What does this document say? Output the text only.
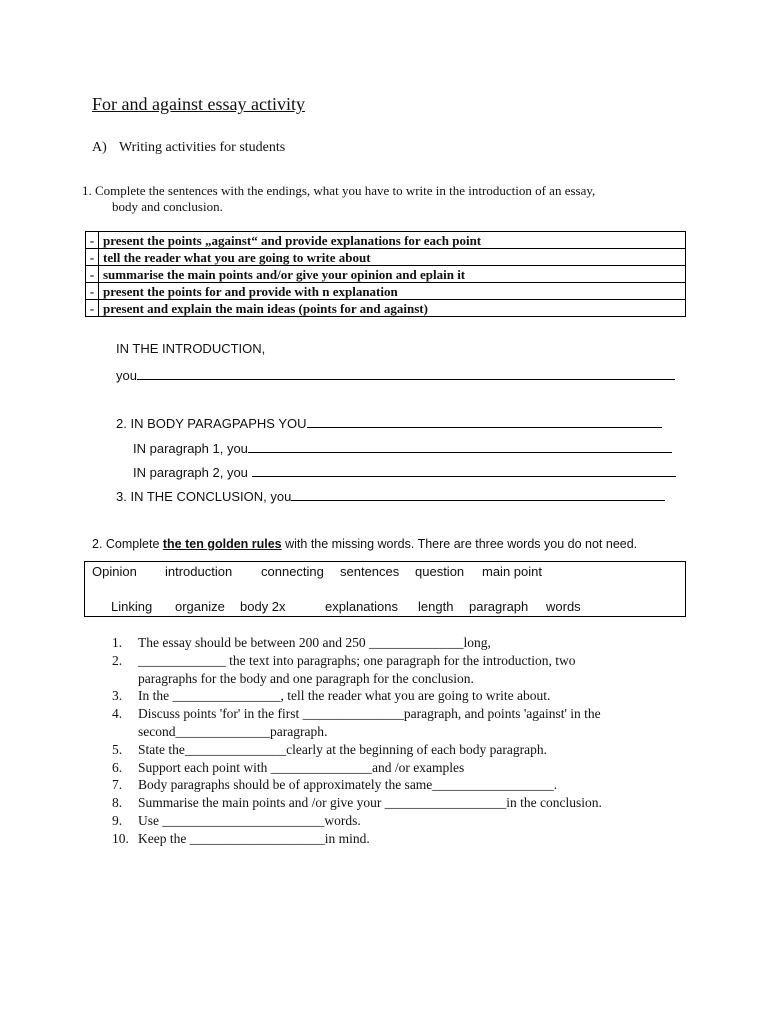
For and against essay activity
A) Writing activities for students
1. Complete the sentences with the endings, what you have to write in the introduction of an essay,
body and conclusion.
-	present the points „against“ and provide explanations for each point
-	tell the reader what you are going to write about
-	summarise the main points and/or give your opinion and eplain it
-	present the points for and provide with n explanation
-	present and explain the main ideas (points for and against)
IN THE INTRODUCTION,
you
2. IN BODY PARAGPAPHS YOU
IN paragraph 1, you
IN paragraph 2, you
3. IN THE CONCLUSION, you
2. Complete the ten golden rules with the missing words. There are three words you do not need.
Opinion introduction connecting sentences question main point
Linking organize body 2x	explanations length paragraph words
1. The essay should be between 200 and 250 ______________long,
2. _____________ the text into paragraphs; one paragraph for the introduction, two
paragraphs for the body and one paragraph for the conclusion.
3. In the ________________, tell the reader what you are going to write about.
4. Discuss points 'for' in the first _______________paragraph, and points 'against' in the
second______________paragraph.
5. State the_______________clearly at the beginning of each body paragraph.
6. Support each point with _______________and /or examples
7. Body paragraphs should be of approximately the same__________________.
8. Summarise the main points and /or give your __________________in the conclusion.
9. Use ________________________words.
10. Keep the ____________________in mind.
